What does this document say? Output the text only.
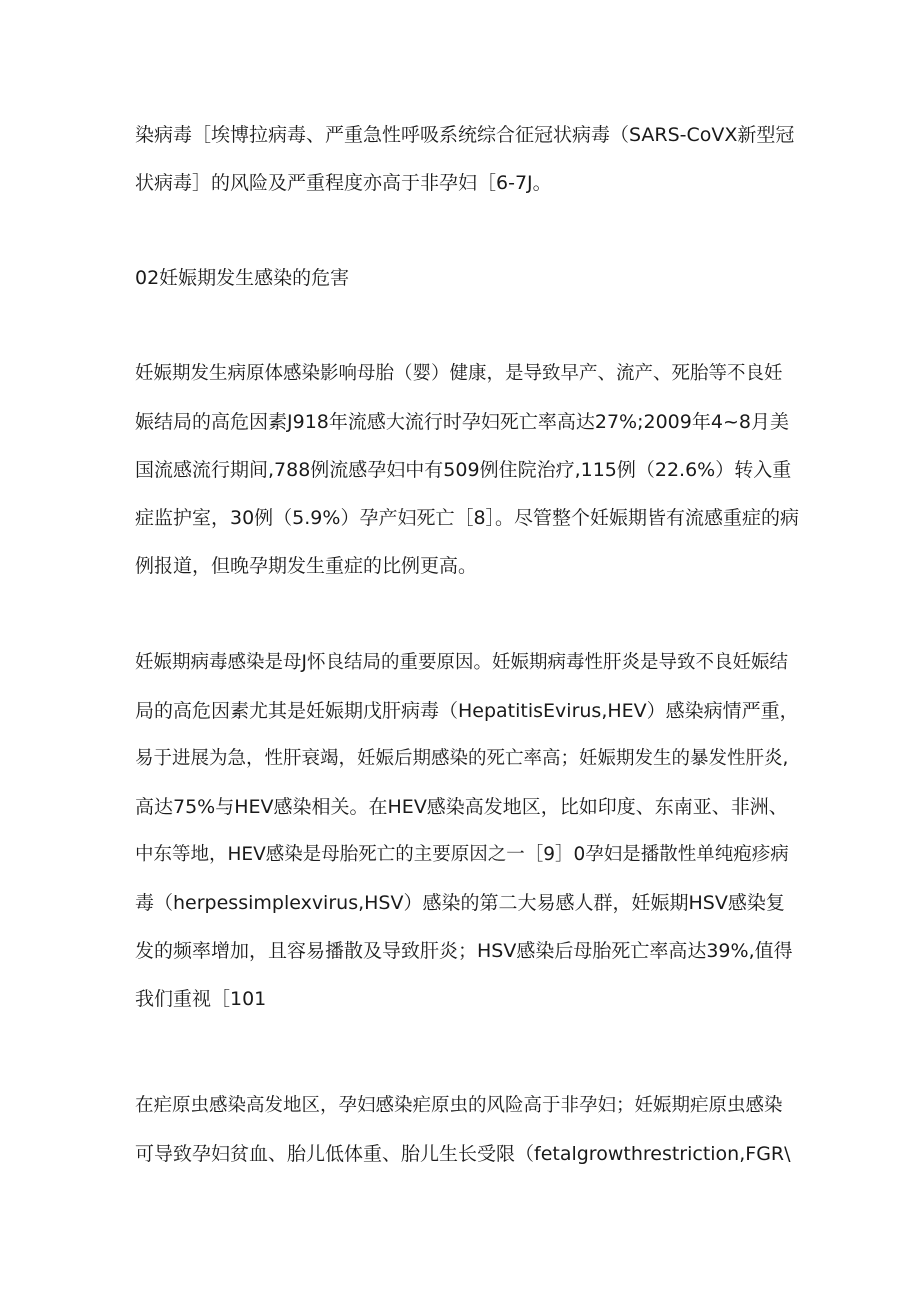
染病毒［埃博拉病毒、严重急性呼吸系统综合征冠状病毒（SARS-CoVX新型冠
状病毒］的风险及严重程度亦高于非孕妇［6-7J。
02妊娠期发生感染的危害
妊娠期发生病原体感染影响母胎（婴）健康，是导致早产、流产、死胎等不良妊
娠结局的高危因素J918年流感大流行时孕妇死亡率高达27%;2009年4~8月美
国流感流行期间,788例流感孕妇中有509例住院治疗,115例（22.6%）转入重
症监护室，30例（5.9%）孕产妇死亡［8］。尽管整个妊娠期皆有流感重症的病
例报道，但晚孕期发生重症的比例更高。
妊娠期病毒感染是母J怀良结局的重要原因。妊娠期病毒性肝炎是导致不良妊娠结
局的高危因素尤其是妊娠期戊肝病毒（HepatitisEvirus,HEV）感染病情严重，
易于进展为急，性肝衰竭，妊娠后期感染的死亡率高；妊娠期发生的暴发性肝炎,
高达75%与HEV感染相关。在HEV感染高发地区，比如印度、东南亚、非洲、
中东等地，HEV感染是母胎死亡的主要原因之一［9］0孕妇是播散性单纯疱疹病
毒（herpessimplexvirus,HSV）感染的第二大易感人群，妊娠期HSV感染复
发的频率增加，且容易播散及导致肝炎；HSV感染后母胎死亡率高达39%,值得
我们重视［101
在疟原虫感染高发地区，孕妇感染疟原虫的风险高于非孕妇；妊娠期疟原虫感染
可导致孕妇贫血、胎儿低体重、胎儿生长受限（fetalgrowthrestriction,FGR\
